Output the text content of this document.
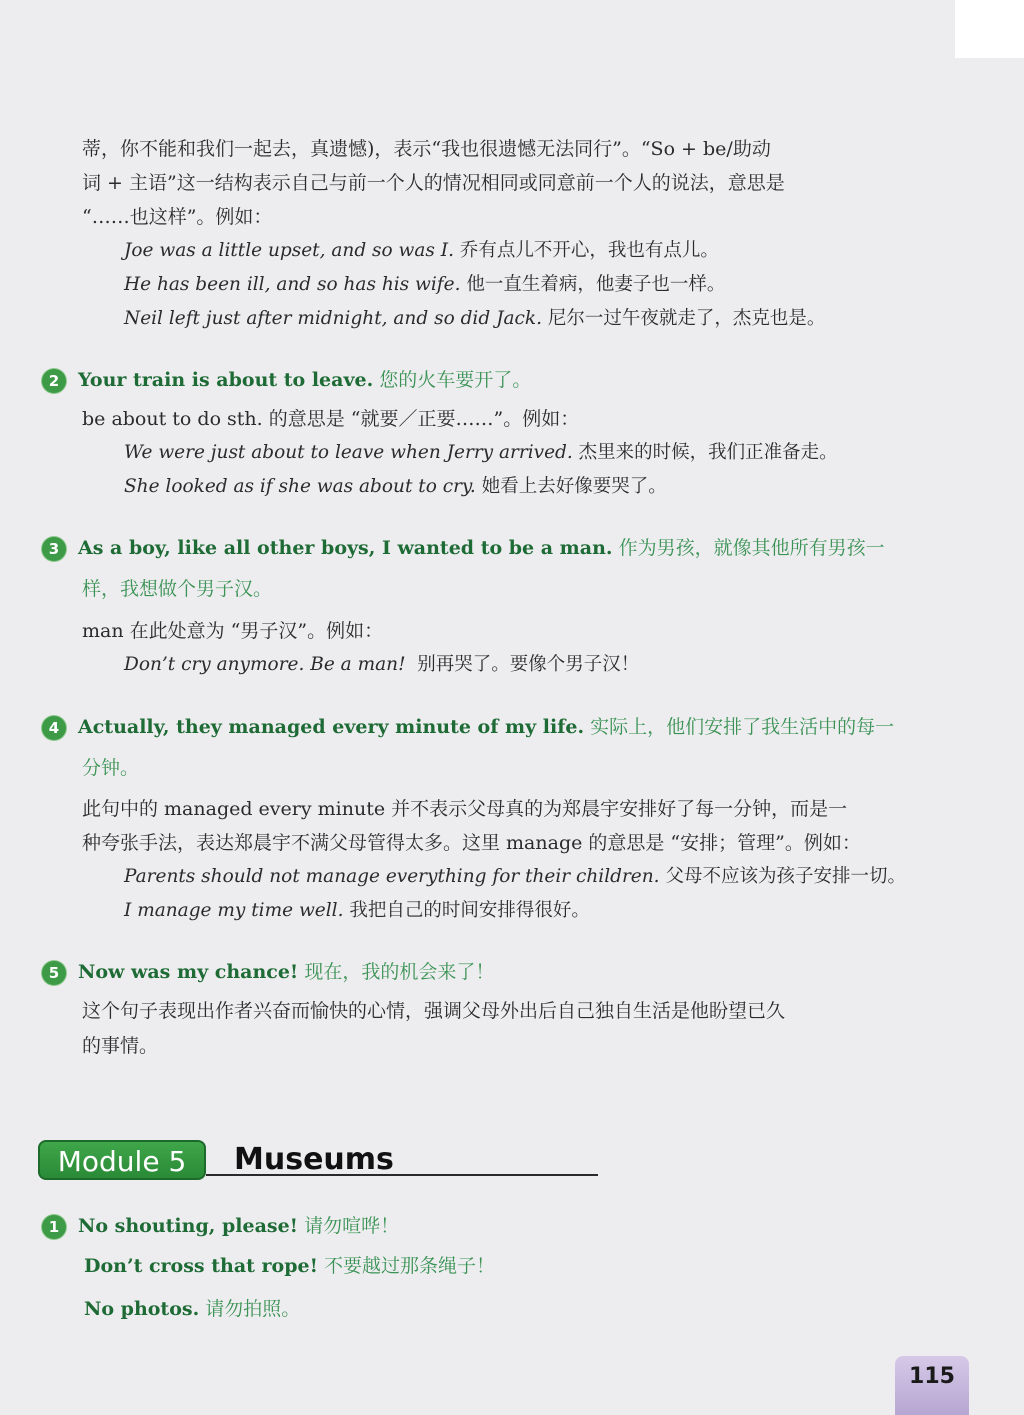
蒂，你不能和我们一起去，真遗憾)，表示“我也很遗憾无法同行”。“So + be/助动
词 + 主语”这一结构表示自己与前一个人的情况相同或同意前一个人的说法，意思是
“……也这样”。例如：
Joe was a little upset, and so was I. 乔有点儿不开心，我也有点儿。
He has been ill, and so has his wife. 他一直生着病，他妻子也一样。
Neil left just after midnight, and so did Jack. 尼尔一过午夜就走了，杰克也是。
2 Your train is about to leave. 您的火车要开了。
be about to do sth. 的意思是 “就要／正要……”。例如：
We were just about to leave when Jerry arrived. 杰里来的时候，我们正准备走。
She looked as if she was about to cry. 她看上去好像要哭了。
3 As a boy, like all other boys, I wanted to be a man. 作为男孩，就像其他所有男孩一
样，我想做个男子汉。
man 在此处意为 “男子汉”。例如：
Don’t cry anymore. Be a man! 别再哭了。要像个男子汉！
4 Actually, they managed every minute of my life. 实际上，他们安排了我生活中的每一
分钟。
此句中的 managed every minute 并不表示父母真的为郑晨宇安排好了每一分钟，而是一
种夸张手法，表达郑晨宇不满父母管得太多。这里 manage 的意思是 “安排；管理”。例如：
Parents should not manage everything for their children. 父母不应该为孩子安排一切。
I manage my time well. 我把自己的时间安排得很好。
5 Now was my chance! 现在，我的机会来了！
这个句子表现出作者兴奋而愉快的心情，强调父母外出后自己独自生活是他盼望已久
的事情。
Module 5	Museums
1 No shouting, please! 请勿喧哗！
Don’t cross that rope! 不要越过那条绳子！
No photos. 请勿拍照。
115
